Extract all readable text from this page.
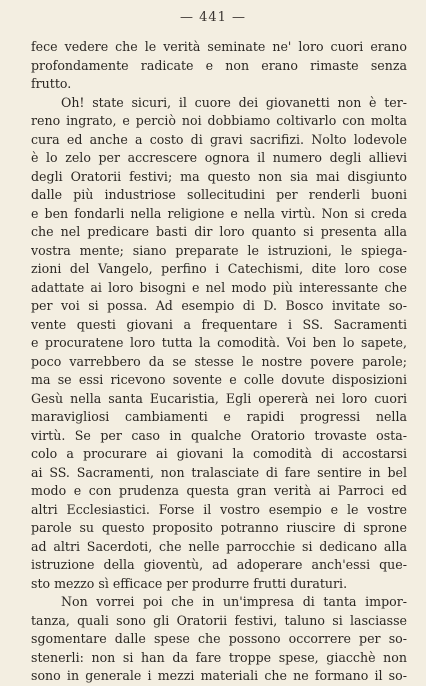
— 441 —
fece vedere che le verità seminate ne' loro cuori erano
profondamente radicate e non erano rimaste senza
frutto.
Oh! state sicuri, il cuore dei giovanetti non è ter-
reno ingrato, e perciò noi dobbiamo coltivarlo con molta
cura ed anche a costo di gravi sacrifizi. Nolto lodevole
è lo zelo per accrescere ognora il numero degli allievi
degli Oratorii festivi; ma questo non sia mai disgiunto
dalle più industriose sollecitudini per renderli buoni
e ben fondarli nella religione e nella virtù. Non si creda
che nel predicare basti dir loro quanto si presenta alla
vostra mente; siano preparate le istruzioni, le spiega-
zioni del Vangelo, perfino i Catechismi, dite loro cose
adattate ai loro bisogni e nel modo più interessante che
per voi si possa. Ad esempio di D. Bosco invitate so-
vente questi giovani a frequentare i SS. Sacramenti
e procuratene loro tutta la comodità. Voi ben lo sapete,
poco varrebbero da se stesse le nostre povere parole;
ma se essi ricevono sovente e colle dovute disposizioni
Gesù nella santa Eucaristia, Egli opererà nei loro cuori
maravigliosi cambiamenti e rapidi progressi nella
virtù. Se per caso in qualche Oratorio trovaste osta-
colo a procurare ai giovani la comodità di accostarsi
ai SS. Sacramenti, non tralasciate di fare sentire in bel
modo e con prudenza questa gran verità ai Parroci ed
altri Ecclesiastici. Forse il vostro esempio e le vostre
parole su questo proposito potranno riuscire di sprone
ad altri Sacerdoti, che nelle parrocchie si dedicano alla
istruzione della gioventù, ad adoperare anch'essi que-
sto mezzo sì efficace per produrre frutti duraturi.
Non vorrei poi che in un'impresa di tanta impor-
tanza, quali sono gli Oratorii festivi, taluno si lasciasse
sgomentare dalle spese che possono occorrere per so-
stenerli: non si han da fare troppe spese, giacchè non
sono in generale i mezzi materiali che ne formano il so-
